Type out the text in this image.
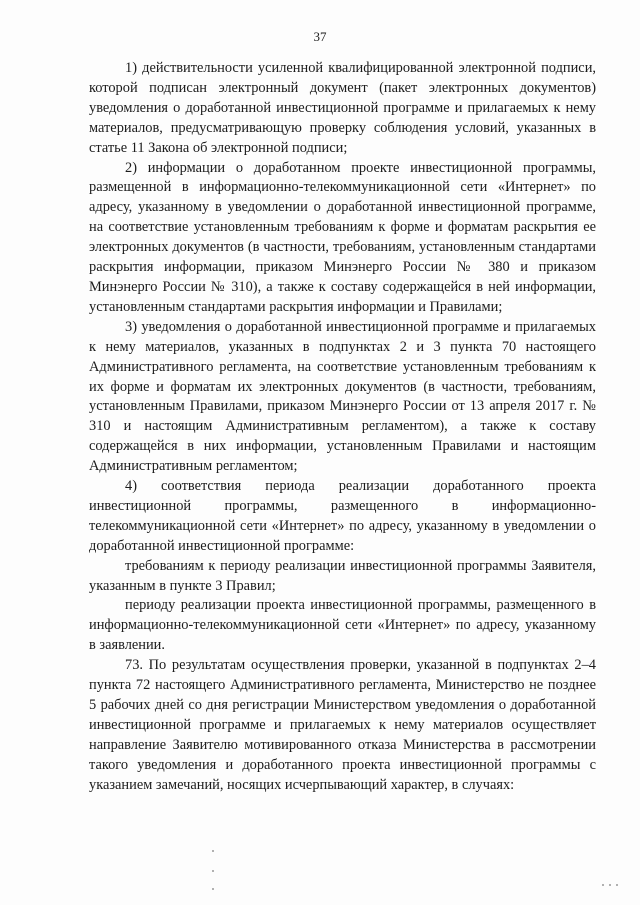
37

1) действительности усиленной квалифицированной электронной подписи, которой подписан электронный документ (пакет электронных документов) уведомления о доработанной инвестиционной программе и прилагаемых к нему материалов, предусматривающую проверку соблюдения условий, указанных в статье 11 Закона об электронной подписи;

2) информации о доработанном проекте инвестиционной программы, размещенной в информационно-телекоммуникационной сети «Интернет» по адресу, указанному в уведомлении о доработанной инвестиционной программе, на соответствие установленным требованиям к форме и форматам раскрытия ее электронных документов (в частности, требованиям, установленным стандартами раскрытия информации, приказом Минэнерго России № 380 и приказом Минэнерго России № 310), а также к составу содержащейся в ней информации, установленным стандартами раскрытия информации и Правилами;

3) уведомления о доработанной инвестиционной программе и прилагаемых к нему материалов, указанных в подпунктах 2 и 3 пункта 70 настоящего Административного регламента, на соответствие установленным требованиям к их форме и форматам их электронных документов (в частности, требованиям, установленным Правилами, приказом Минэнерго России от 13 апреля 2017 г. № 310 и настоящим Административным регламентом), а также к составу содержащейся в них информации, установленным Правилами и настоящим Административным регламентом;

4) соответствия периода реализации доработанного проекта инвестиционной программы, размещенного в информационно-телекоммуникационной сети «Интернет» по адресу, указанному в уведомлении о доработанной инвестиционной программе:

требованиям к периоду реализации инвестиционной программы Заявителя, указанным в пункте 3 Правил;

периоду реализации проекта инвестиционной программы, размещенного в информационно-телекоммуникационной сети «Интернет» по адресу, указанному в заявлении.

73. По результатам осуществления проверки, указанной в подпунктах 2–4 пункта 72 настоящего Административного регламента, Министерство не позднее 5 рабочих дней со дня регистрации Министерством уведомления о доработанной инвестиционной программе и прилагаемых к нему материалов осуществляет направление Заявителю мотивированного отказа Министерства в рассмотрении такого уведомления и доработанного проекта инвестиционной программы с указанием замечаний, носящих исчерпывающий характер, в случаях:
